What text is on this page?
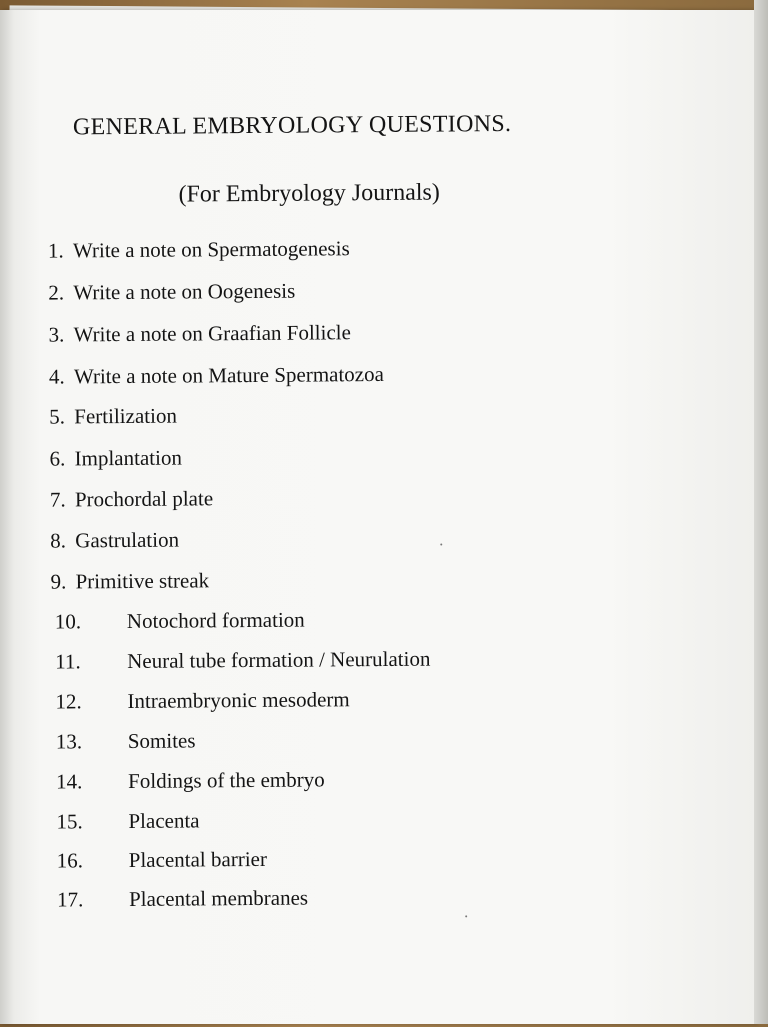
GENERAL EMBRYOLOGY QUESTIONS.
(For Embryology Journals)
1. Write a note on Spermatogenesis
2. Write a note on Oogenesis
3. Write a note on Graafian Follicle
4. Write a note on Mature Spermatozoa
5. Fertilization
6. Implantation
7. Prochordal plate
8. Gastrulation
9. Primitive streak
10. Notochord formation
11. Neural tube formation / Neurulation
12. Intraembryonic mesoderm
13. Somites
14. Foldings of the embryo
15. Placenta
16. Placental barrier
17. Placental membranes
